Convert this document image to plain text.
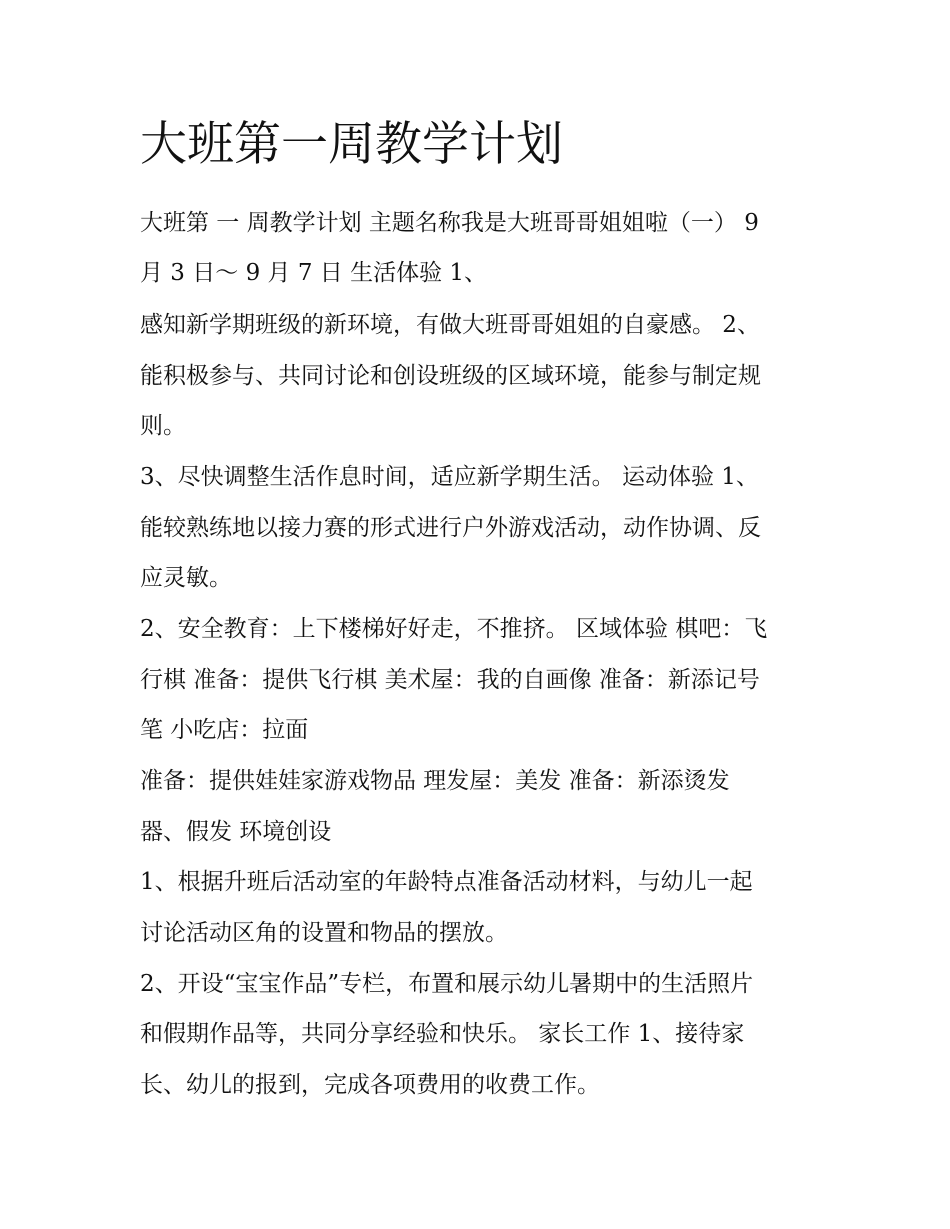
大班第一周教学计划

大班第 一 周教学计划 主题名称我是大班哥哥姐姐啦（一） 9

月 3 日～ 9 月 7 日 生活体验 1、

感知新学期班级的新环境，有做大班哥哥姐姐的自豪感。 2、

能积极参与、共同讨论和创设班级的区域环境，能参与制定规

则。

3、尽快调整生活作息时间，适应新学期生活。 运动体验 1、

能较熟练地以接力赛的形式进行户外游戏活动，动作协调、反

应灵敏。

2、安全教育：上下楼梯好好走，不推挤。 区域体验 棋吧：飞

行棋 准备：提供飞行棋 美术屋：我的自画像 准备：新添记号

笔 小吃店：拉面

准备：提供娃娃家游戏物品 理发屋：美发 准备：新添烫发

器、假发 环境创设

1、根据升班后活动室的年龄特点准备活动材料，与幼儿一起

讨论活动区角的设置和物品的摆放。

2、开设“宝宝作品”专栏，布置和展示幼儿暑期中的生活照片

和假期作品等，共同分享经验和快乐。 家长工作 1、接待家

长、幼儿的报到，完成各项费用的收费工作。
